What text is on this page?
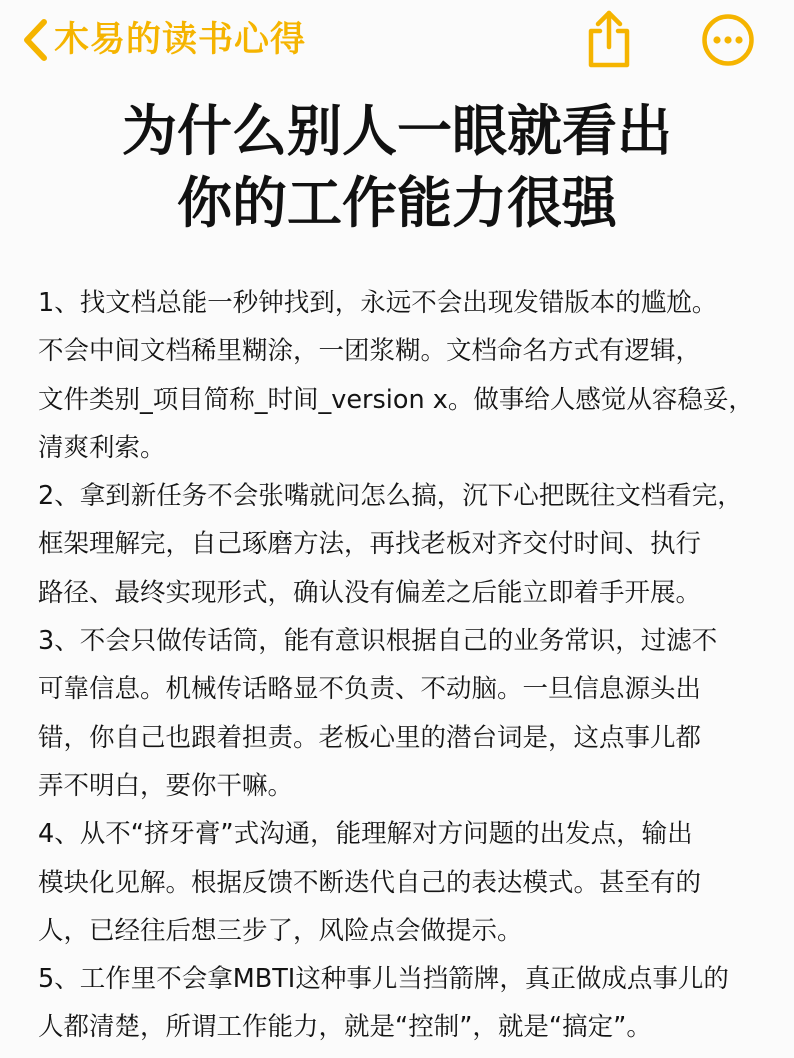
木易的读书心得
为什么别人一眼就看出
你的工作能力很强
1、找文档总能一秒钟找到，永远不会出现发错版本的尴尬。
不会中间文档稀里糊涂，一团浆糊。文档命名方式有逻辑，
文件类别_项目简称_时间_version x。做事给人感觉从容稳妥，
清爽利索。
2、拿到新任务不会张嘴就问怎么搞，沉下心把既往文档看完，
框架理解完，自己琢磨方法，再找老板对齐交付时间、执行
路径、最终实现形式，确认没有偏差之后能立即着手开展。
3、不会只做传话筒，能有意识根据自己的业务常识，过滤不
可靠信息。机械传话略显不负责、不动脑。一旦信息源头出
错，你自己也跟着担责。老板心里的潜台词是，这点事儿都
弄不明白，要你干嘛。
4、从不“挤牙膏”式沟通，能理解对方问题的出发点，输出
模块化见解。根据反馈不断迭代自己的表达模式。甚至有的
人，已经往后想三步了，风险点会做提示。
5、工作里不会拿MBTI这种事儿当挡箭牌，真正做成点事儿的
人都清楚，所谓工作能力，就是“控制”，就是“搞定”。
